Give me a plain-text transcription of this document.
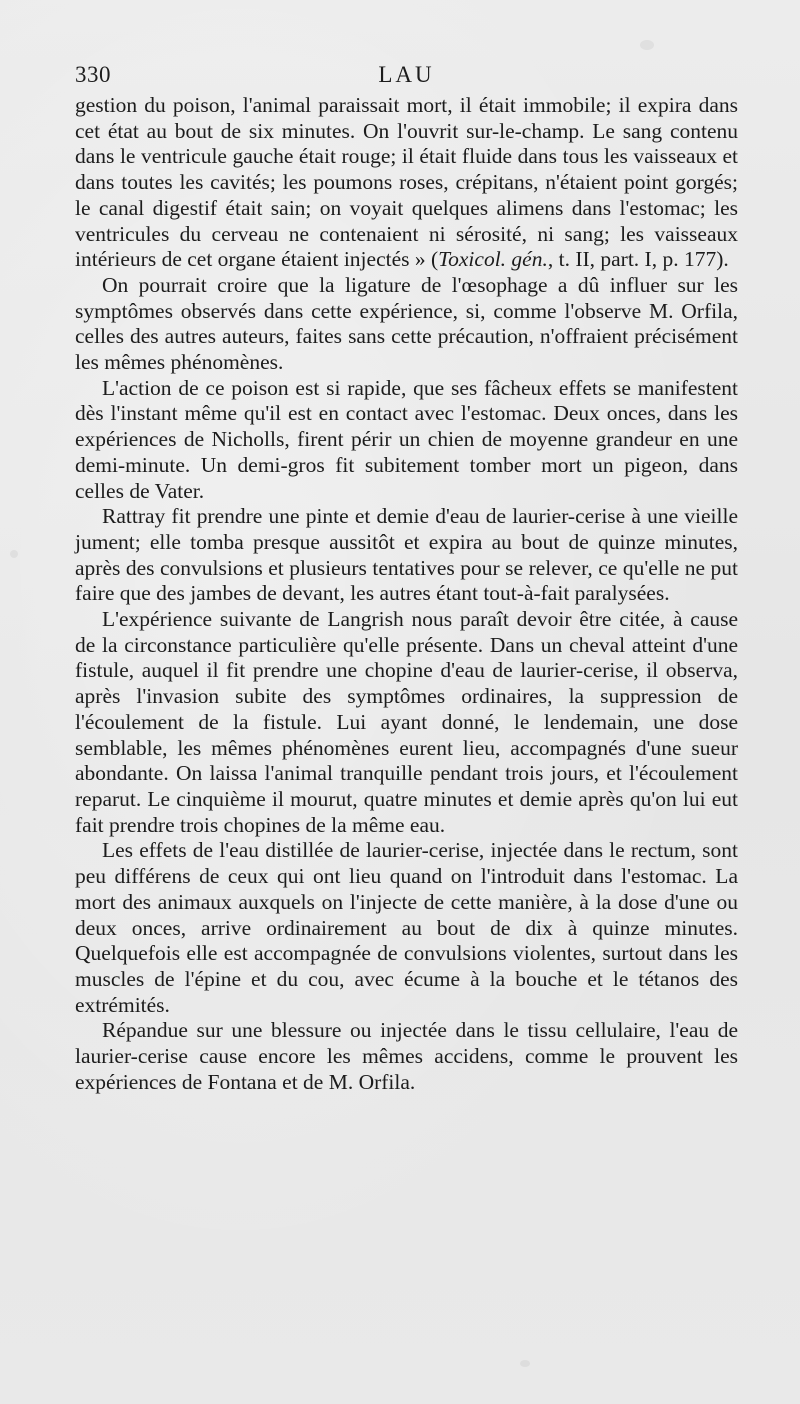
330	LAU

gestion du poison, l'animal paraissait mort, il était immobile; il expira dans cet état au bout de six minutes. On l'ouvrit sur-le-champ. Le sang contenu dans le ventricule gauche était rouge; il était fluide dans tous les vaisseaux et dans toutes les cavités; les poumons roses, crépitans, n'étaient point gorgés; le canal digestif était sain; on voyait quelques alimens dans l'estomac; les ventricules du cerveau ne contenaient ni sérosité, ni sang; les vaisseaux intérieurs de cet organe étaient injectés » (Toxicol. gén., t. II, part. I, p. 177).

On pourrait croire que la ligature de l'œsophage a dû influer sur les symptômes observés dans cette expérience, si, comme l'observe M. Orfila, celles des autres auteurs, faites sans cette précaution, n'offraient précisément les mêmes phénomènes.

L'action de ce poison est si rapide, que ses fâcheux effets se manifestent dès l'instant même qu'il est en contact avec l'estomac. Deux onces, dans les expériences de Nicholls, firent périr un chien de moyenne grandeur en une demi-minute. Un demi-gros fit subitement tomber mort un pigeon, dans celles de Vater.

Rattray fit prendre une pinte et demie d'eau de laurier-cerise à une vieille jument; elle tomba presque aussitôt et expira au bout de quinze minutes, après des convulsions et plusieurs tentatives pour se relever, ce qu'elle ne put faire que des jambes de devant, les autres étant tout-à-fait paralysées.

L'expérience suivante de Langrish nous paraît devoir être citée, à cause de la circonstance particulière qu'elle présente. Dans un cheval atteint d'une fistule, auquel il fit prendre une chopine d'eau de laurier-cerise, il observa, après l'invasion subite des symptômes ordinaires, la suppression de l'écoulement de la fistule. Lui ayant donné, le lendemain, une dose semblable, les mêmes phénomènes eurent lieu, accompagnés d'une sueur abondante. On laissa l'animal tranquille pendant trois jours, et l'écoulement reparut. Le cinquième il mourut, quatre minutes et demie après qu'on lui eut fait prendre trois chopines de la même eau.

Les effets de l'eau distillée de laurier-cerise, injectée dans le rectum, sont peu différens de ceux qui ont lieu quand on l'introduit dans l'estomac. La mort des animaux auxquels on l'injecte de cette manière, à la dose d'une ou deux onces, arrive ordinairement au bout de dix à quinze minutes. Quelquefois elle est accompagnée de convulsions violentes, surtout dans les muscles de l'épine et du cou, avec écume à la bouche et le tétanos des extrémités.

Répandue sur une blessure ou injectée dans le tissu cellulaire, l'eau de laurier-cerise cause encore les mêmes accidens, comme le prouvent les expériences de Fontana et de M. Orfila.
